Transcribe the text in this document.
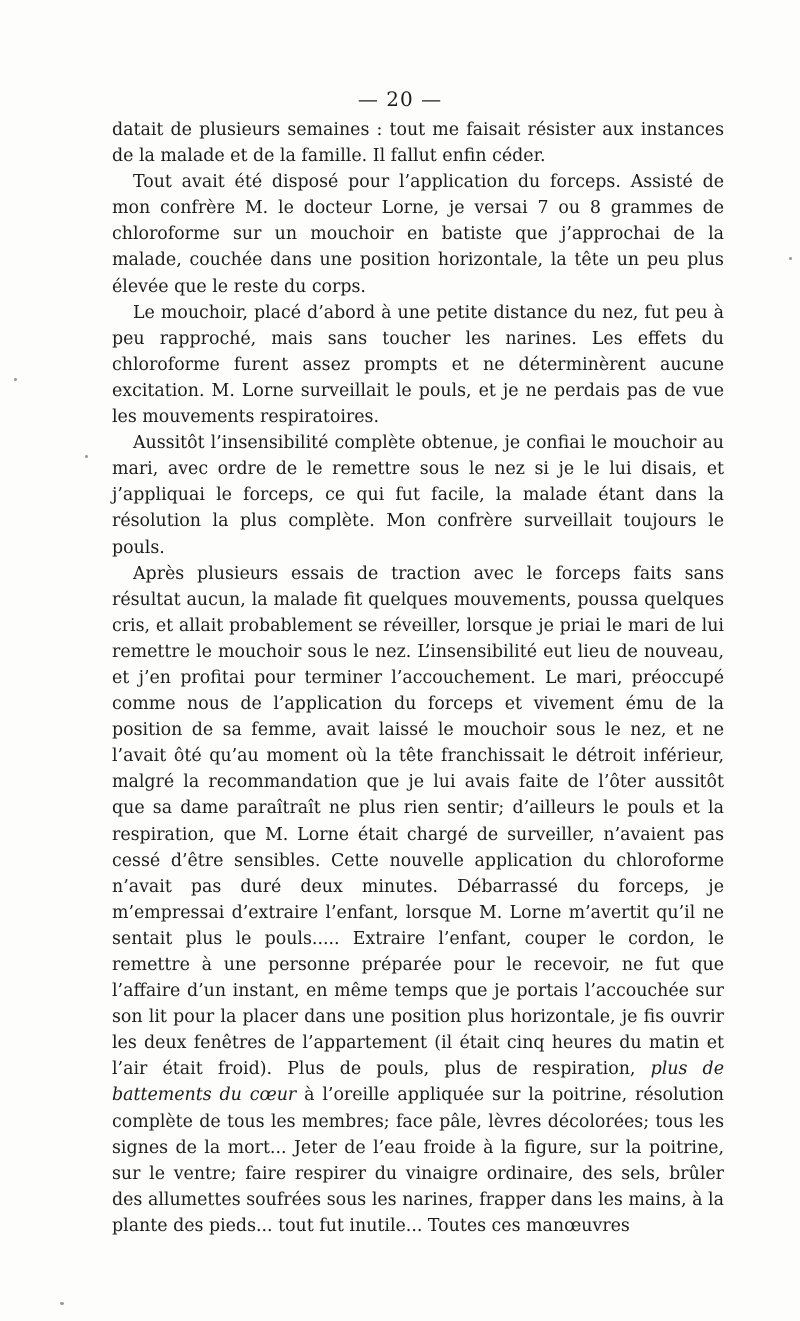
— 20 —

datait de plusieurs semaines : tout me faisait résister aux instances de la malade et de la famille. Il fallut enfin céder.

Tout avait été disposé pour l’application du forceps. Assisté de mon confrère M. le docteur Lorne, je versai 7 ou 8 grammes de chloroforme sur un mouchoir en batiste que j’approchai de la malade, couchée dans une position horizontale, la tête un peu plus élevée que le reste du corps.

Le mouchoir, placé d’abord à une petite distance du nez, fut peu à peu rapproché, mais sans toucher les narines. Les effets du chloroforme furent assez prompts et ne déterminèrent aucune excitation. M. Lorne surveillait le pouls, et je ne perdais pas de vue les mouvements respiratoires.

Aussitôt l’insensibilité complète obtenue, je confiai le mouchoir au mari, avec ordre de le remettre sous le nez si je le lui disais, et j’appliquai le forceps, ce qui fut facile, la malade étant dans la résolution la plus complète. Mon confrère surveillait toujours le pouls.

Après plusieurs essais de traction avec le forceps faits sans résultat aucun, la malade fit quelques mouvements, poussa quelques cris, et allait probablement se réveiller, lorsque je priai le mari de lui remettre le mouchoir sous le nez. L’insensibilité eut lieu de nouveau, et j’en profitai pour terminer l’accouchement. Le mari, préoccupé comme nous de l’application du forceps et vivement ému de la position de sa femme, avait laissé le mouchoir sous le nez, et ne l’avait ôté qu’au moment où la tête franchissait le détroit inférieur, malgré la recommandation que je lui avais faite de l’ôter aussitôt que sa dame paraîtraît ne plus rien sentir; d’ailleurs le pouls et la respiration, que M. Lorne était chargé de surveiller, n’avaient pas cessé d’être sensibles. Cette nouvelle application du chloroforme n’avait pas duré deux minutes. Débarrassé du forceps, je m’empressai d’extraire l’enfant, lorsque M. Lorne m’avertit qu’il ne sentait plus le pouls..... Extraire l’enfant, couper le cordon, le remettre à une personne préparée pour le recevoir, ne fut que l’affaire d’un instant, en même temps que je portais l’accouchée sur son lit pour la placer dans une position plus horizontale, je fis ouvrir les deux fenêtres de l’appartement (il était cinq heures du matin et l’air était froid). Plus de pouls, plus de respiration, plus de battements du cœur à l’oreille appliquée sur la poitrine, résolution complète de tous les membres; face pâle, lèvres décolorées; tous les signes de la mort... Jeter de l’eau froide à la figure, sur la poitrine, sur le ventre; faire respirer du vinaigre ordinaire, des sels, brûler des allumettes soufrées sous les narines, frapper dans les mains, à la plante des pieds... tout fut inutile... Toutes ces manœuvres
